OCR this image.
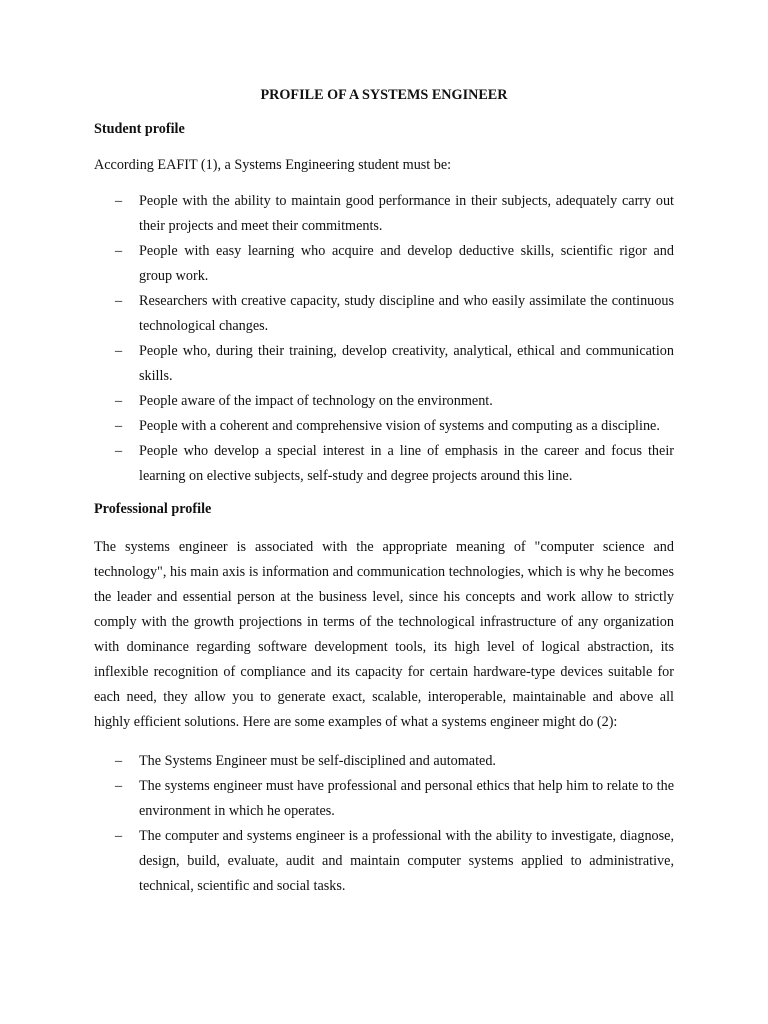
PROFILE OF A SYSTEMS ENGINEER
Student profile
According EAFIT (1), a Systems Engineering student must be:
– People with the ability to maintain good performance in their subjects, adequately carry out their projects and meet their commitments.
– People with easy learning who acquire and develop deductive skills, scientific rigor and group work.
– Researchers with creative capacity, study discipline and who easily assimilate the continuous technological changes.
– People who, during their training, develop creativity, analytical, ethical and communication skills.
– People aware of the impact of technology on the environment.
– People with a coherent and comprehensive vision of systems and computing as a discipline.
– People who develop a special interest in a line of emphasis in the career and focus their learning on elective subjects, self-study and degree projects around this line.
Professional profile
The systems engineer is associated with the appropriate meaning of "computer science and technology", his main axis is information and communication technologies, which is why he becomes the leader and essential person at the business level, since his concepts and work allow to strictly comply with the growth projections in terms of the technological infrastructure of any organization with dominance regarding software development tools, its high level of logical abstraction, its inflexible recognition of compliance and its capacity for certain hardware-type devices suitable for each need, they allow you to generate exact, scalable, interoperable, maintainable and above all highly efficient solutions. Here are some examples of what a systems engineer might do (2):
– The Systems Engineer must be self-disciplined and automated.
– The systems engineer must have professional and personal ethics that help him to relate to the environment in which he operates.
– The computer and systems engineer is a professional with the ability to investigate, diagnose, design, build, evaluate, audit and maintain computer systems applied to administrative, technical, scientific and social tasks.
